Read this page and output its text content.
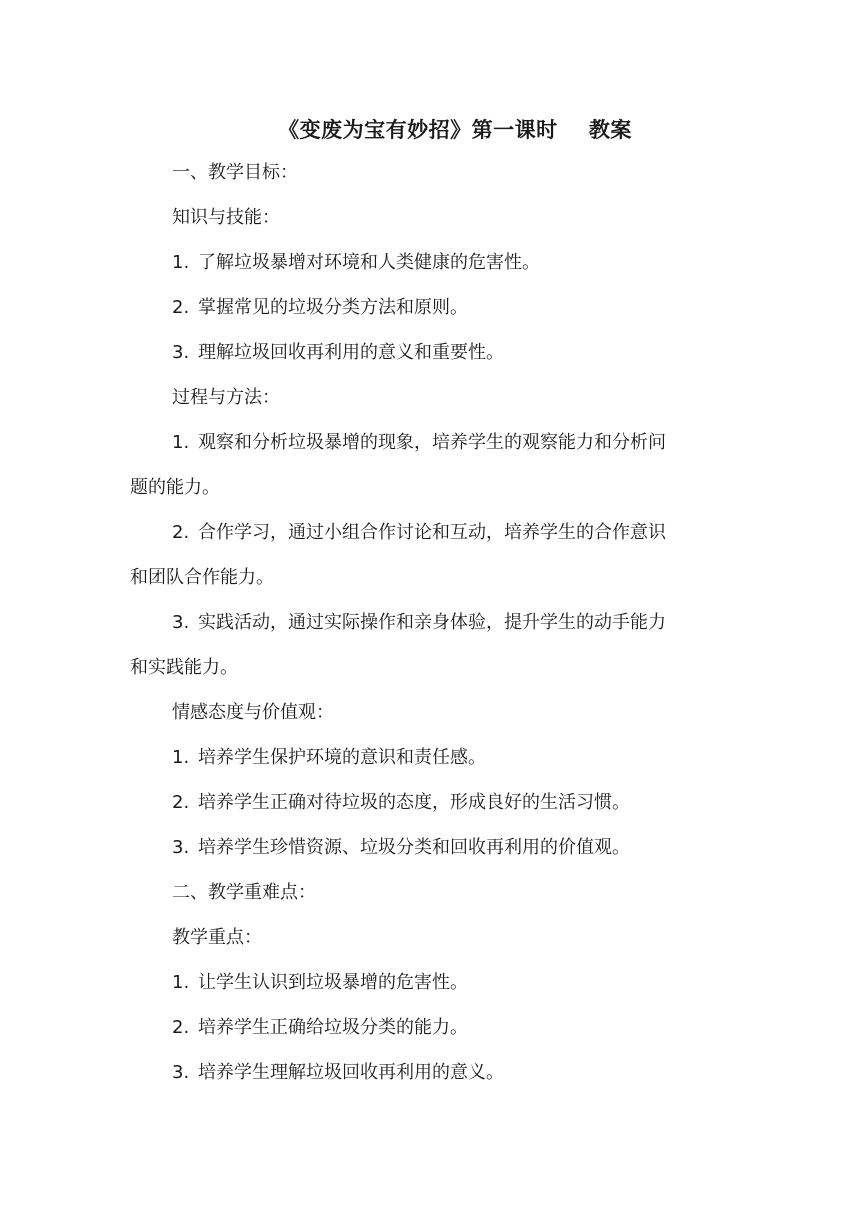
《变废为宝有妙招》第一课时    教案
一、教学目标：
知识与技能：
1. 了解垃圾暴增对环境和人类健康的危害性。
2. 掌握常见的垃圾分类方法和原则。
3. 理解垃圾回收再利用的意义和重要性。
过程与方法：
1. 观察和分析垃圾暴增的现象，培养学生的观察能力和分析问
题的能力。
2. 合作学习，通过小组合作讨论和互动，培养学生的合作意识
和团队合作能力。
3. 实践活动，通过实际操作和亲身体验，提升学生的动手能力
和实践能力。
情感态度与价值观：
1. 培养学生保护环境的意识和责任感。
2. 培养学生正确对待垃圾的态度，形成良好的生活习惯。
3. 培养学生珍惜资源、垃圾分类和回收再利用的价值观。
二、教学重难点：
教学重点：
1. 让学生认识到垃圾暴增的危害性。
2. 培养学生正确给垃圾分类的能力。
3. 培养学生理解垃圾回收再利用的意义。
